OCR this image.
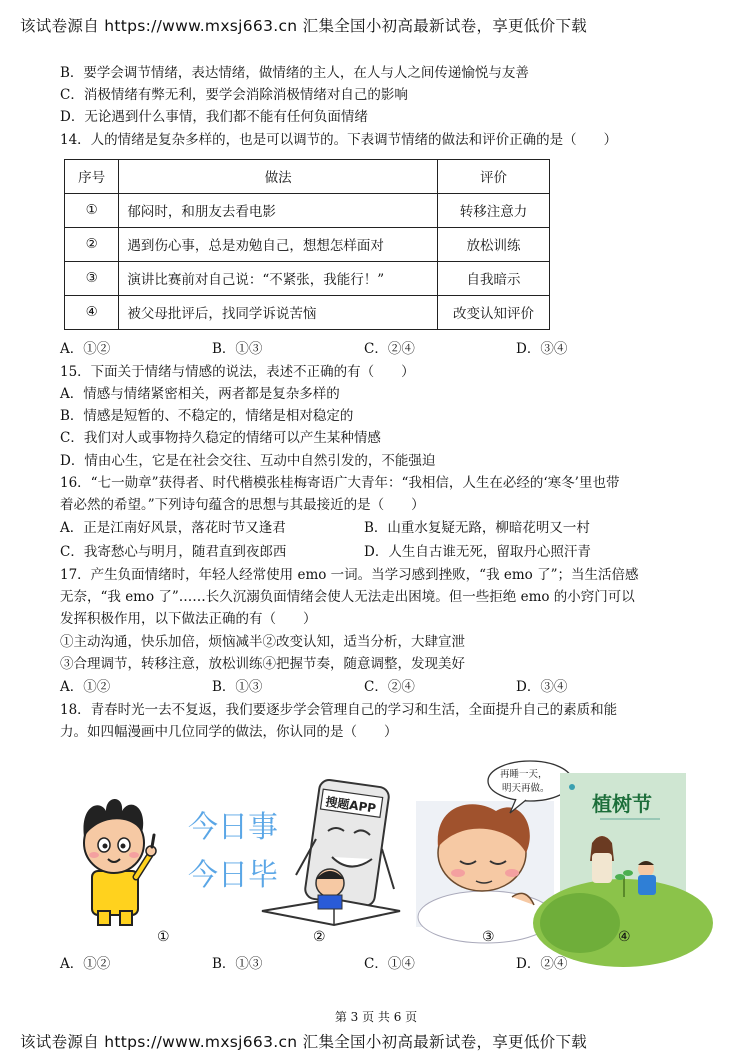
该试卷源自 https://www.mxsj663.cn 汇集全国小初高最新试卷，享更低价下载
B．要学会调节情绪，表达情绪，做情绪的主人，在人与人之间传递愉悦与友善
C．消极情绪有弊无利，要学会消除消极情绪对自己的影响
D．无论遇到什么事情，我们都不能有任何负面情绪
14．人的情绪是复杂多样的，也是可以调节的。下表调节情绪的做法和评价正确的是（　　）
序号	做法	评价
①	郁闷时，和朋友去看电影	转移注意力
②	遇到伤心事，总是劝勉自己，想想怎样面对	放松训练
③	演讲比赛前对自己说：“不紧张，我能行！”	自我暗示
④	被父母批评后，找同学诉说苦恼	改变认知评价
A．①②	B．①③	C．②④	D．③④
15．下面关于情绪与情感的说法，表述不正确的有（　　）
A．情感与情绪紧密相关，两者都是复杂多样的
B．情感是短暂的、不稳定的，情绪是相对稳定的
C．我们对人或事物持久稳定的情绪可以产生某种情感
D．情由心生，它是在社会交往、互动中自然引发的，不能强迫
16．“七一勋章”获得者、时代楷模张桂梅寄语广大青年：“我相信，人生在必经的‘寒冬’里也带
着必然的希望。”下列诗句蕴含的思想与其最接近的是（　　）
A．正是江南好风景，落花时节又逢君	B．山重水复疑无路，柳暗花明又一村
C．我寄愁心与明月，随君直到夜郎西	D．人生自古谁无死，留取丹心照汗青
17．产生负面情绪时，年轻人经常使用 emo 一词。当学习感到挫败，“我 emo 了”；当生活倍感
无奈，“我 emo 了”……长久沉溺负面情绪会使人无法走出困境。但一些拒绝 emo 的小窍门可以
发挥积极作用，以下做法正确的有（　　）
①主动沟通，快乐加倍，烦恼减半②改变认知，适当分析，大肆宣泄
③合理调节，转移注意，放松训练④把握节奏，随意调整，发现美好
A．①②	B．①③	C．②④	D．③④
18．青春时光一去不复返，我们要逐步学会管理自己的学习和生活，全面提升自己的素质和能
力。如四幅漫画中几位同学的做法，你认同的是（　　）
今日事
今日毕
搜题APP
再睡一天，
明天再做。
植树节
①	②	③	④
A．①②	B．①③	C．①④	D．②④
第 3 页 共 6 页
该试卷源自 https://www.mxsj663.cn 汇集全国小初高最新试卷，享更低价下载
